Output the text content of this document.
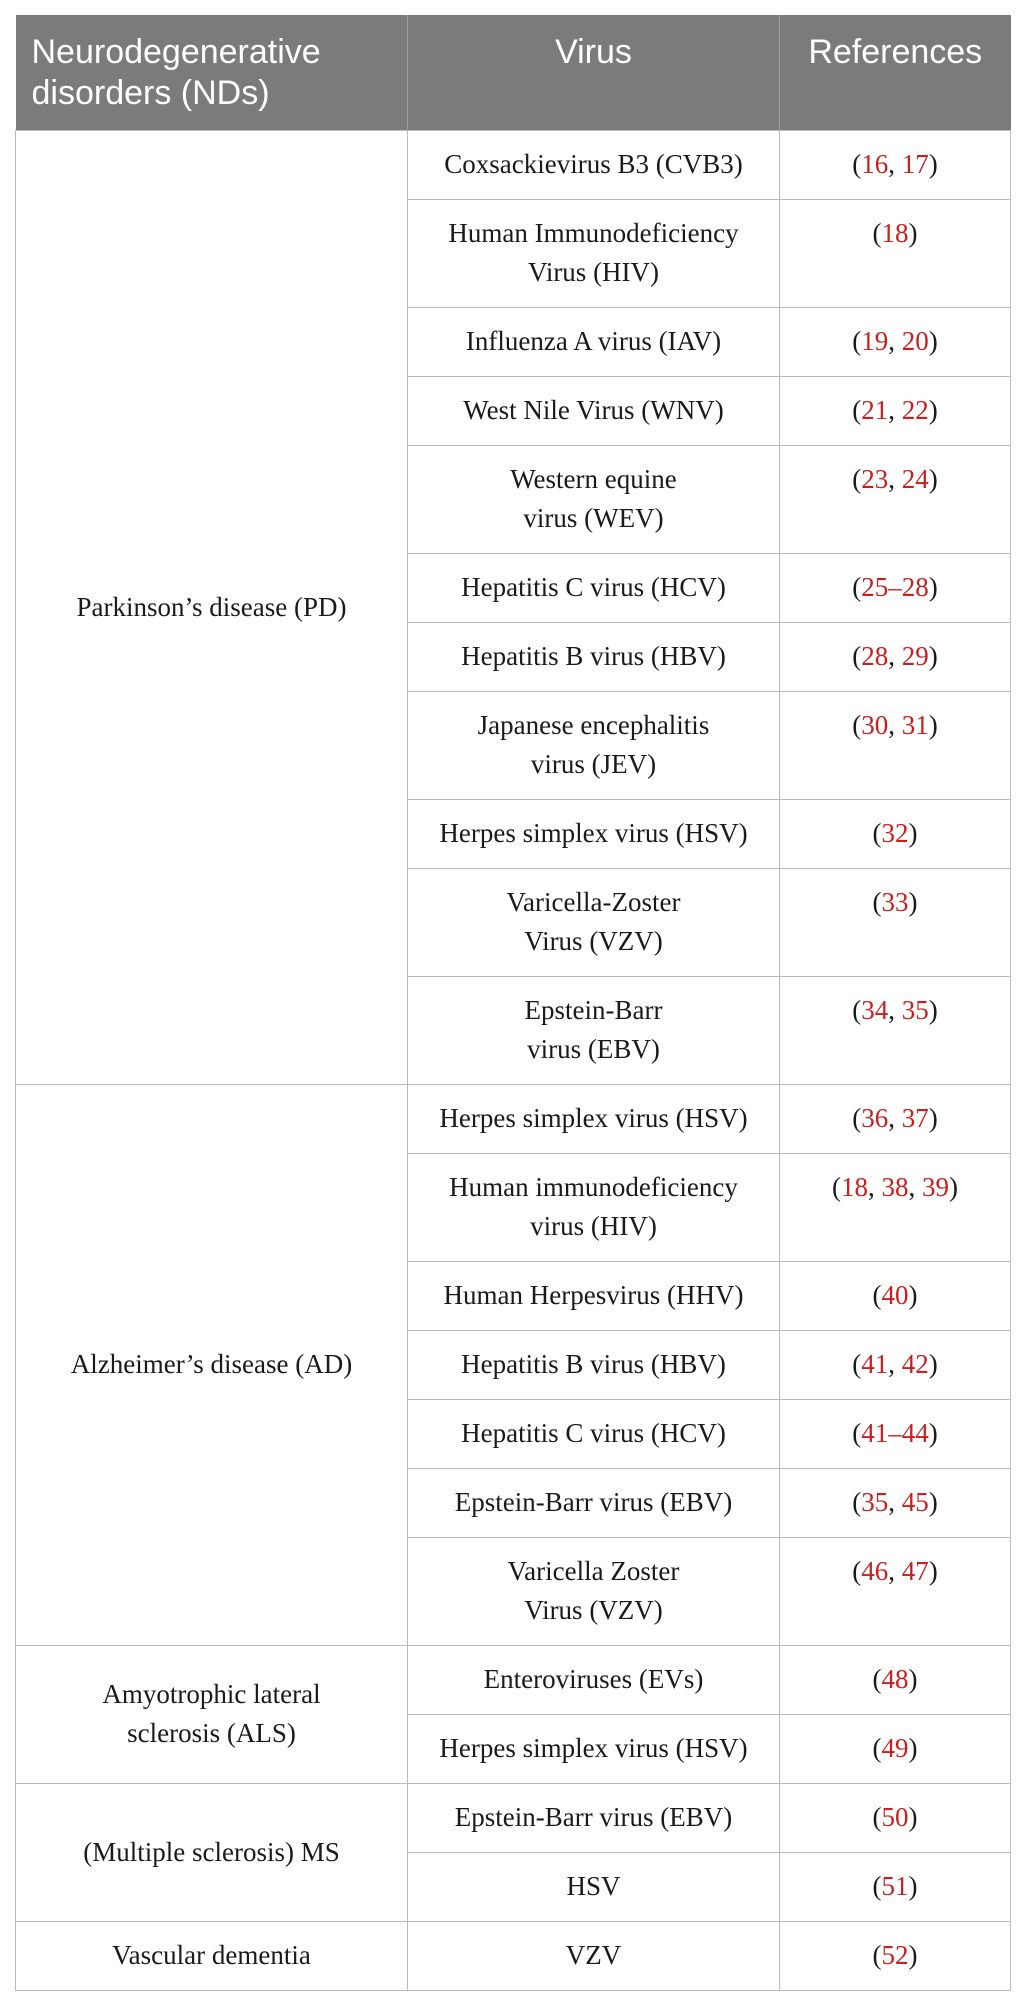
Neurodegenerative disorders (NDs)	Virus	References
Parkinson’s disease (PD)	Coxsackievirus B3 (CVB3)	(16, 17)
	Human Immunodeficiency
Virus (HIV)	(18)
	Influenza A virus (IAV)	(19, 20)
	West Nile Virus (WNV)	(21, 22)
	Western equine
virus (WEV)	(23, 24)
	Hepatitis C virus (HCV)	(25–28)
	Hepatitis B virus (HBV)	(28, 29)
	Japanese encephalitis
virus (JEV)	(30, 31)
	Herpes simplex virus (HSV)	(32)
	Varicella-Zoster
Virus (VZV)	(33)
	Epstein-Barr
virus (EBV)	(34, 35)
Alzheimer’s disease (AD)	Herpes simplex virus (HSV)	(36, 37)
	Human immunodeficiency
virus (HIV)	(18, 38, 39)
	Human Herpesvirus (HHV)	(40)
	Hepatitis B virus (HBV)	(41, 42)
	Hepatitis C virus (HCV)	(41–44)
	Epstein-Barr virus (EBV)	(35, 45)
	Varicella Zoster
Virus (VZV)	(46, 47)
Amyotrophic lateral
sclerosis (ALS)	Enteroviruses (EVs)	(48)
	Herpes simplex virus (HSV)	(49)
(Multiple sclerosis) MS	Epstein-Barr virus (EBV)	(50)
	HSV	(51)
Vascular dementia	VZV	(52)
